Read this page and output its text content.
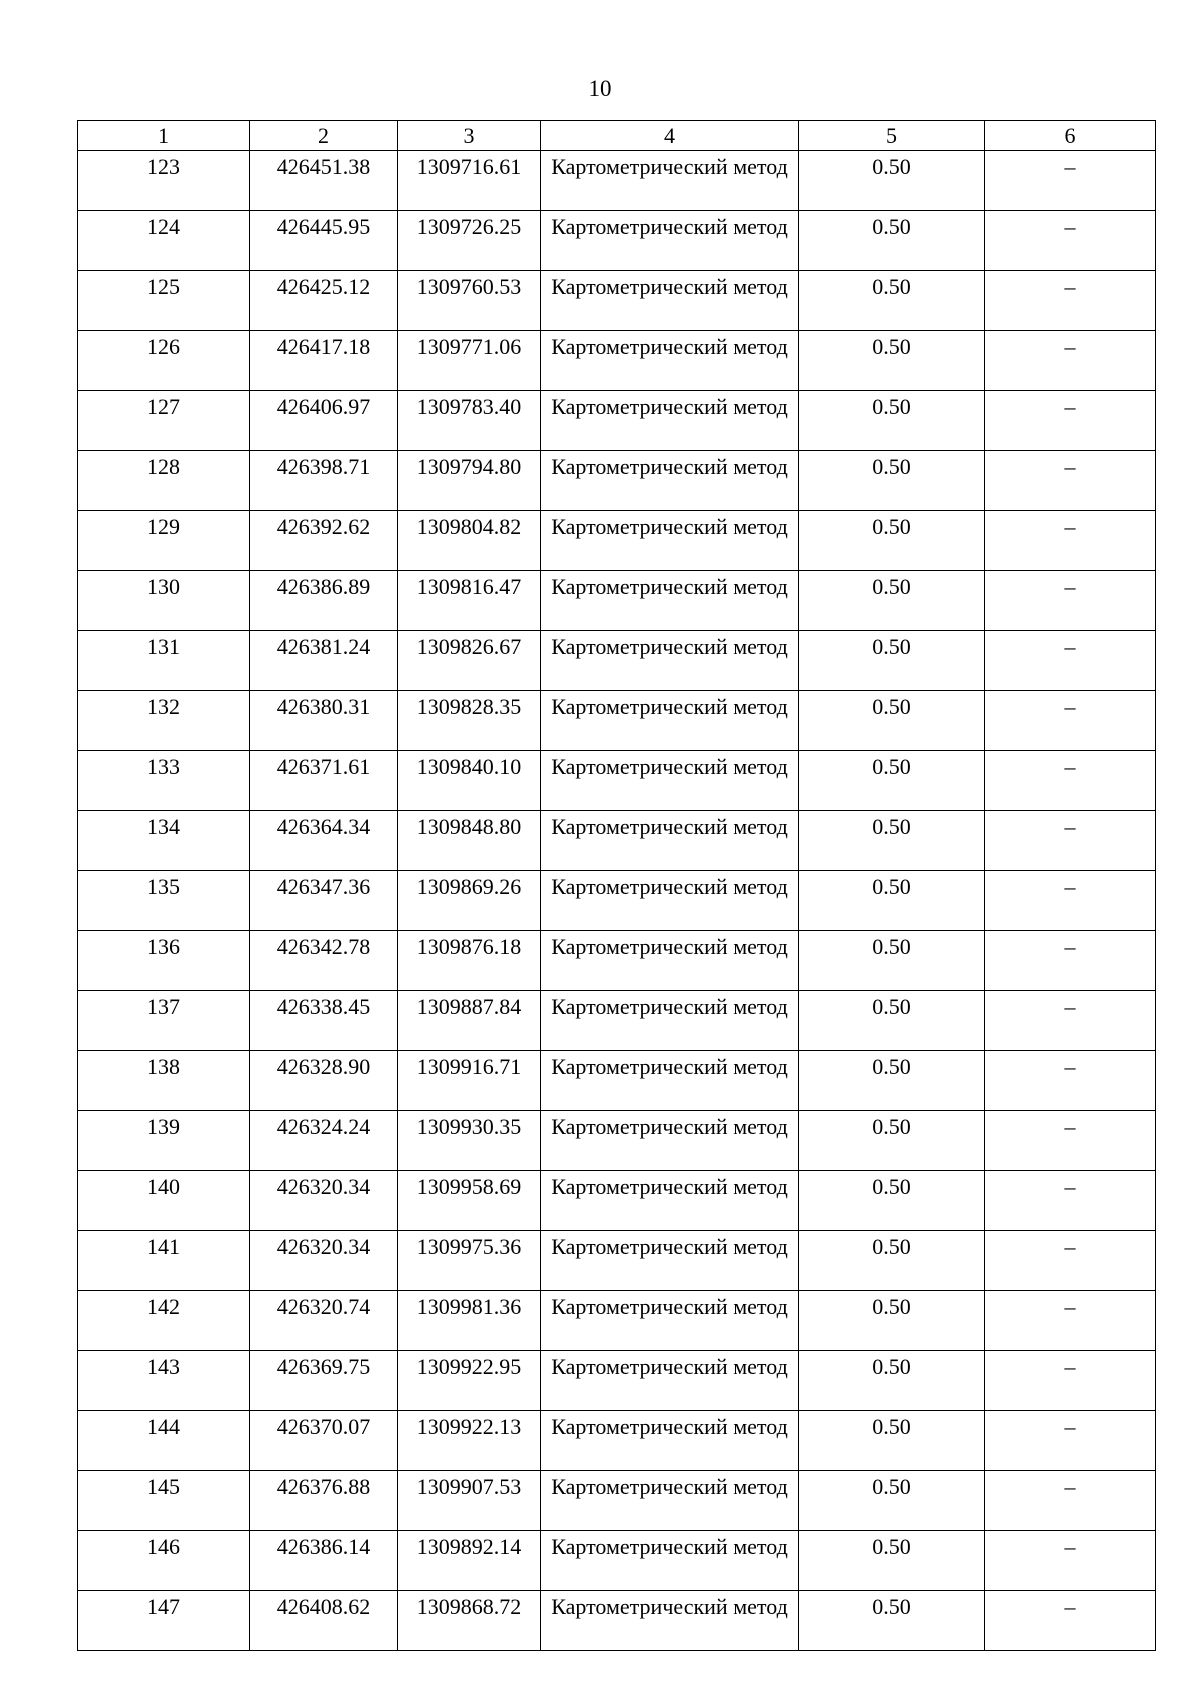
10
1	2	3	4	5	6
123	426451.38	1309716.61	Картометрический метод	0.50	–
124	426445.95	1309726.25	Картометрический метод	0.50	–
125	426425.12	1309760.53	Картометрический метод	0.50	–
126	426417.18	1309771.06	Картометрический метод	0.50	–
127	426406.97	1309783.40	Картометрический метод	0.50	–
128	426398.71	1309794.80	Картометрический метод	0.50	–
129	426392.62	1309804.82	Картометрический метод	0.50	–
130	426386.89	1309816.47	Картометрический метод	0.50	–
131	426381.24	1309826.67	Картометрический метод	0.50	–
132	426380.31	1309828.35	Картометрический метод	0.50	–
133	426371.61	1309840.10	Картометрический метод	0.50	–
134	426364.34	1309848.80	Картометрический метод	0.50	–
135	426347.36	1309869.26	Картометрический метод	0.50	–
136	426342.78	1309876.18	Картометрический метод	0.50	–
137	426338.45	1309887.84	Картометрический метод	0.50	–
138	426328.90	1309916.71	Картометрический метод	0.50	–
139	426324.24	1309930.35	Картометрический метод	0.50	–
140	426320.34	1309958.69	Картометрический метод	0.50	–
141	426320.34	1309975.36	Картометрический метод	0.50	–
142	426320.74	1309981.36	Картометрический метод	0.50	–
143	426369.75	1309922.95	Картометрический метод	0.50	–
144	426370.07	1309922.13	Картометрический метод	0.50	–
145	426376.88	1309907.53	Картометрический метод	0.50	–
146	426386.14	1309892.14	Картометрический метод	0.50	–
147	426408.62	1309868.72	Картометрический метод	0.50	–
